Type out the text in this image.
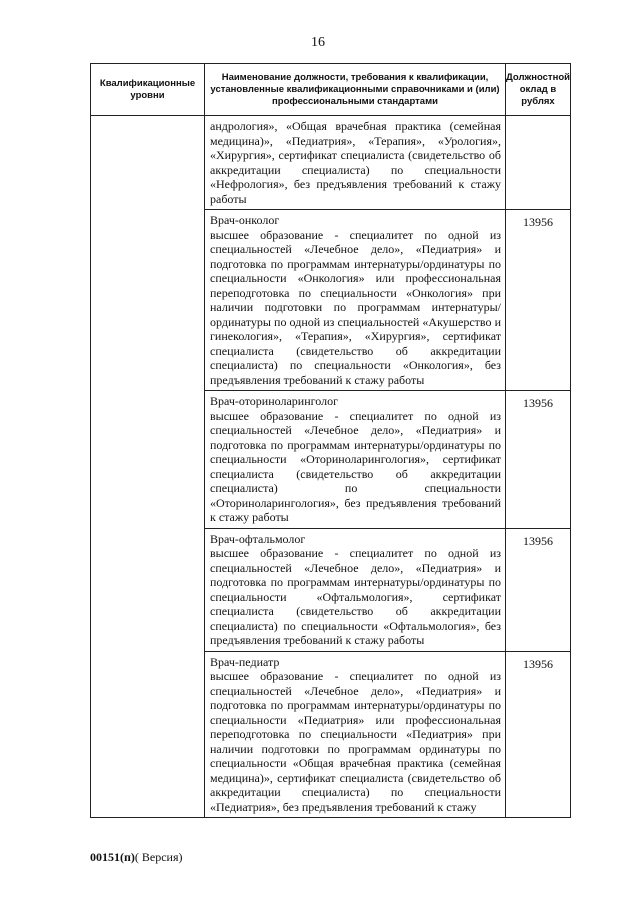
16
Квалификационные уровни	Наименование должности, требования к квалификации, установленные квалификационными справочниками и (или) профессиональными стандартами	Должностной оклад в рублях

	андрология», «Общая врачебная практика (семейная медицина)», «Педиатрия», «Терапия», «Урология», «Хирургия», сертификат специалиста (свидетельство об аккредитации специалиста) по специальности «Нефрология», без предъявления требований к стажу работы	

	Врач-онколог
высшее образование - специалитет по одной из специальностей «Лечебное дело», «Педиатрия» и подготовка по программам интернатуры/ординатуры по специальности «Онкология» или профессиональная переподготовка по специальности «Онкология» при наличии подготовки по программам интернатуры/ординатуры по одной из специальностей «Акушерство и гинекология», «Терапия», «Хирургия», сертификат специалиста (свидетельство об аккредитации специалиста) по специальности «Онкология», без предъявления требований к стажу работы	13956

	Врач-оториноларинголог
высшее образование - специалитет по одной из специальностей «Лечебное дело», «Педиатрия» и подготовка по программам интернатуры/ординатуры по специальности «Оториноларингология», сертификат специалиста (свидетельство об аккредитации специалиста) по специальности «Оториноларингология», без предъявления требований к стажу работы	13956

	Врач-офтальмолог
высшее образование - специалитет по одной из специальностей «Лечебное дело», «Педиатрия» и подготовка по программам интернатуры/ординатуры по специальности «Офтальмология», сертификат специалиста (свидетельство об аккредитации специалиста) по специальности «Офтальмология», без предъявления требований к стажу работы	13956

	Врач-педиатр
высшее образование - специалитет по одной из специальностей «Лечебное дело», «Педиатрия» и подготовка по программам интернатуры/ординатуры по специальности «Педиатрия» или профессиональная переподготовка по специальности «Педиатрия» при наличии подготовки по программам ординатуры по специальности «Общая врачебная практика (семейная медицина)», сертификат специалиста (свидетельство об аккредитации специалиста) по специальности «Педиатрия», без предъявления требований к стажу	13956
00151(п)( Версия)
